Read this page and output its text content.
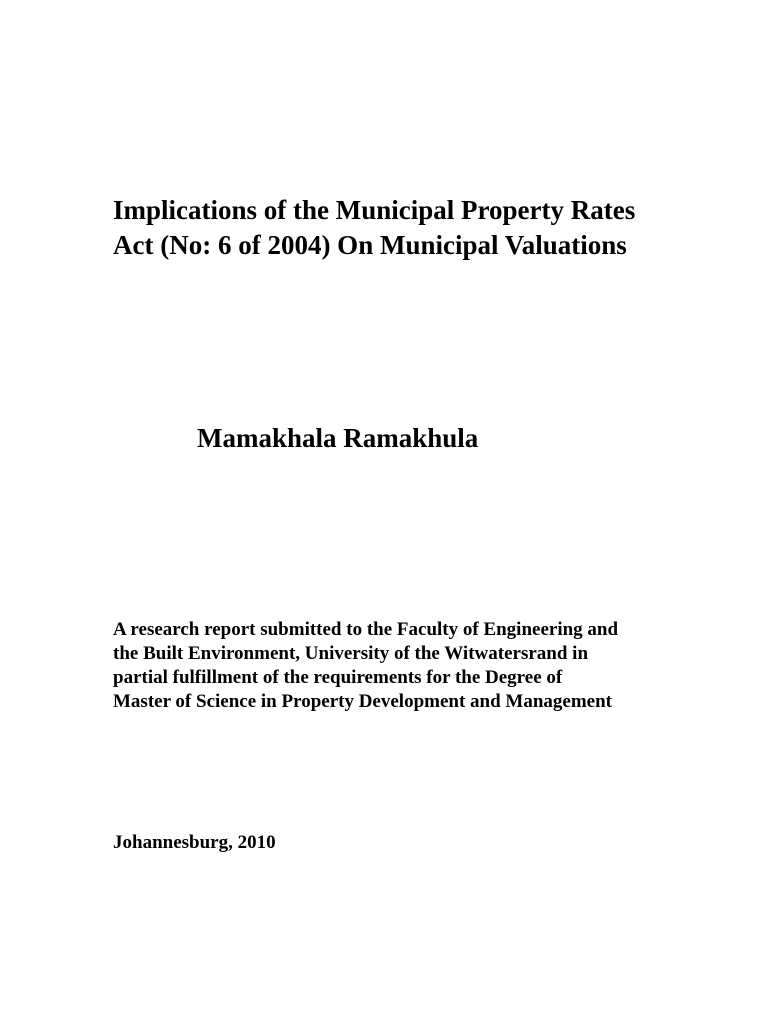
Implications of the Municipal Property Rates
Act (No: 6 of 2004) On Municipal Valuations

Mamakhala Ramakhula

A research report submitted to the Faculty of Engineering and
the Built Environment, University of the Witwatersrand in
partial fulfillment of the requirements for the Degree of
Master of Science in Property Development and Management

Johannesburg, 2010
